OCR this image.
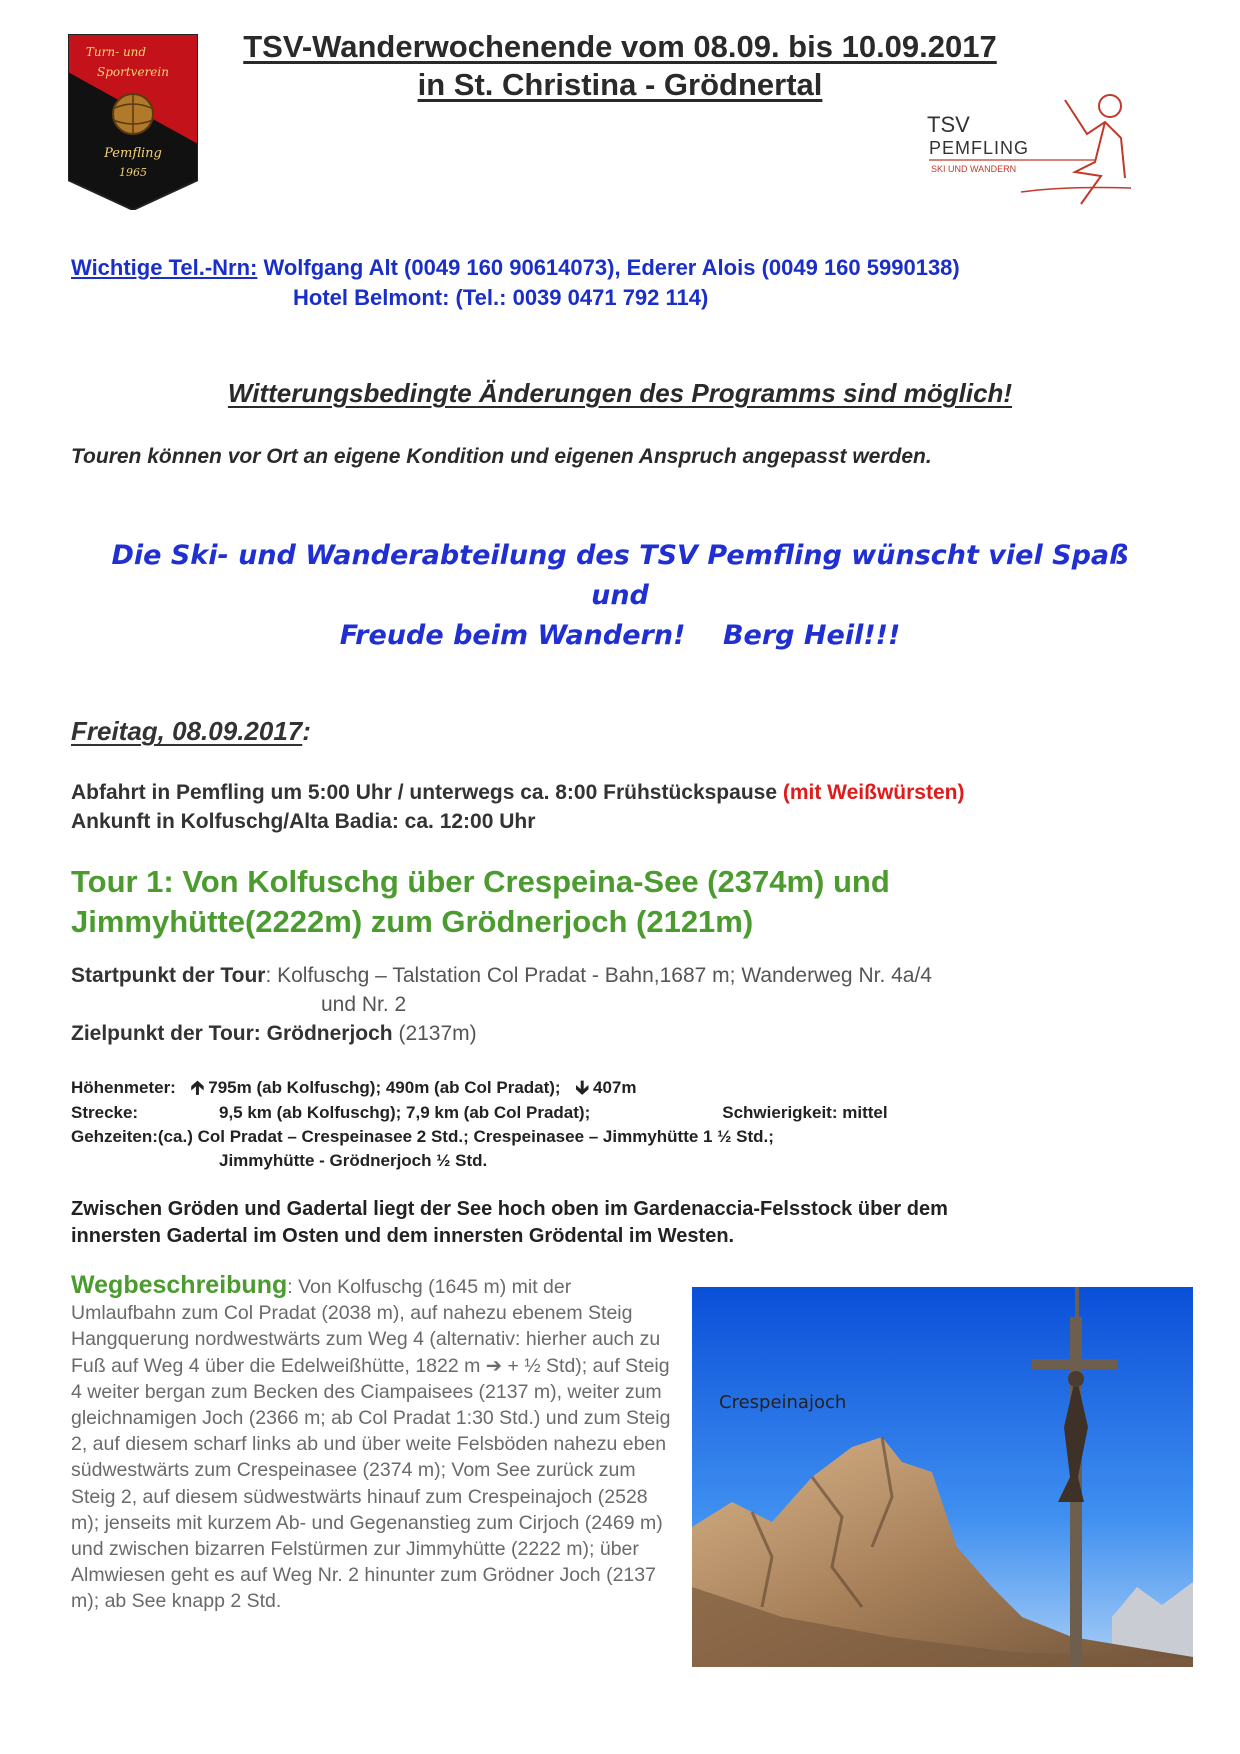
TSV-Wanderwochenende vom 08.09. bis 10.09.2017
in St. Christina - Grödnertal
Turn- und
Sportverein
Pemfling
1965
TSV
PEMFLING
SKI UND WANDERN
Wichtige Tel.-Nrn: Wolfgang Alt (0049 160 90614073), Ederer Alois (0049 160 5990138)
Hotel Belmont: (Tel.: 0039 0471 792 114)
Witterungsbedingte Änderungen des Programms sind möglich!
Touren können vor Ort an eigene Kondition und eigenen Anspruch angepasst werden.
Die Ski- und Wanderabteilung des TSV Pemfling wünscht viel Spaß und
Freude beim Wandern!    Berg Heil!!!
Freitag, 08.09.2017:
Abfahrt in Pemfling um 5:00 Uhr / unterwegs ca. 8:00 Frühstückspause (mit Weißwürsten)
Ankunft in Kolfuschg/Alta Badia: ca. 12:00 Uhr
Tour 1: Von Kolfuschg über Crespeina-See (2374m) und
Jimmyhütte(2222m) zum Grödnerjoch (2121m)
Startpunkt der Tour: Kolfuschg – Talstation Col Pradat - Bahn,1687 m; Wanderweg Nr. 4a/4
und Nr. 2
Zielpunkt der Tour: Grödnerjoch (2137m)
Höhenmeter: 🡱 795m (ab Kolfuschg); 490m (ab Col Pradat); 🡳 407m
Strecke:	9,5 km (ab Kolfuschg); 7,9 km (ab Col Pradat);	Schwierigkeit: mittel
Gehzeiten:(ca.) Col Pradat – Crespeinasee 2 Std.; Crespeinasee – Jimmyhütte 1 ½ Std.;
Jimmyhütte - Grödnerjoch ½ Std.
Zwischen Gröden und Gadertal liegt der See hoch oben im Gardenaccia-Felsstock über dem
innersten Gadertal im Osten und dem innersten Grödental im Westen.
Wegbeschreibung: Von Kolfuschg (1645 m) mit der Umlaufbahn zum Col Pradat (2038 m), auf nahezu ebenem Steig Hangquerung nordwestwärts zum Weg 4 (alternativ: hierher auch zu Fuß auf Weg 4 über die Edelweißhütte, 1822 m ➔ + ½ Std); auf Steig 4 weiter bergan zum Becken des Ciampaisees (2137 m), weiter zum gleichnamigen Joch (2366 m; ab Col Pradat 1:30 Std.) und zum Steig 2, auf diesem scharf links ab und über weite Felsböden nahezu eben südwestwärts zum Crespeinasee (2374 m); Vom See zurück zum Steig 2, auf diesem südwestwärts hinauf zum Crespeinajoch (2528 m); jenseits mit kurzem Ab- und Gegenanstieg zum Cirjoch (2469 m) und zwischen bizarren Felstürmen zur Jimmyhütte (2222 m); über Almwiesen geht es auf Weg Nr. 2 hinunter zum Grödner Joch (2137 m); ab See knapp 2 Std.
Crespeinajoch
